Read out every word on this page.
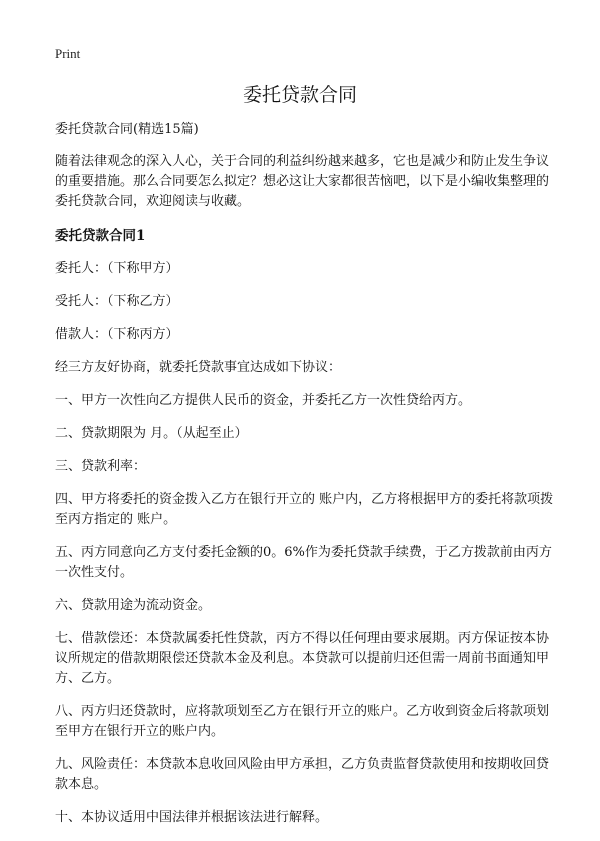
Print
委托贷款合同

委托贷款合同(精选15篇)

随着法律观念的深入人心，关于合同的利益纠纷越来越多，它也是减少和防止发生争议的重要措施。那么合同要怎么拟定？想必这让大家都很苦恼吧，以下是小编收集整理的委托贷款合同，欢迎阅读与收藏。

委托贷款合同1

委托人：（下称甲方）

受托人：（下称乙方）

借款人：（下称丙方）

经三方友好协商，就委托贷款事宜达成如下协议：

一、甲方一次性向乙方提供人民币的资金，并委托乙方一次性贷给丙方。

二、贷款期限为 月。（从起至止）

三、贷款利率：

四、甲方将委托的资金拨入乙方在银行开立的 账户内，乙方将根据甲方的委托将款项拨至丙方指定的 账户。

五、丙方同意向乙方支付委托金额的0。6%作为委托贷款手续费，于乙方拨款前由丙方一次性支付。

六、贷款用途为流动资金。

七、借款偿还：本贷款属委托性贷款，丙方不得以任何理由要求展期。丙方保证按本协议所规定的借款期限偿还贷款本金及利息。本贷款可以提前归还但需一周前书面通知甲方、乙方。

八、丙方归还贷款时，应将款项划至乙方在银行开立的账户。乙方收到资金后将款项划至甲方在银行开立的账户内。

九、风险责任：本贷款本息收回风险由甲方承担，乙方负责监督贷款使用和按期收回贷款本息。

十、本协议适用中国法律并根据该法进行解释。
